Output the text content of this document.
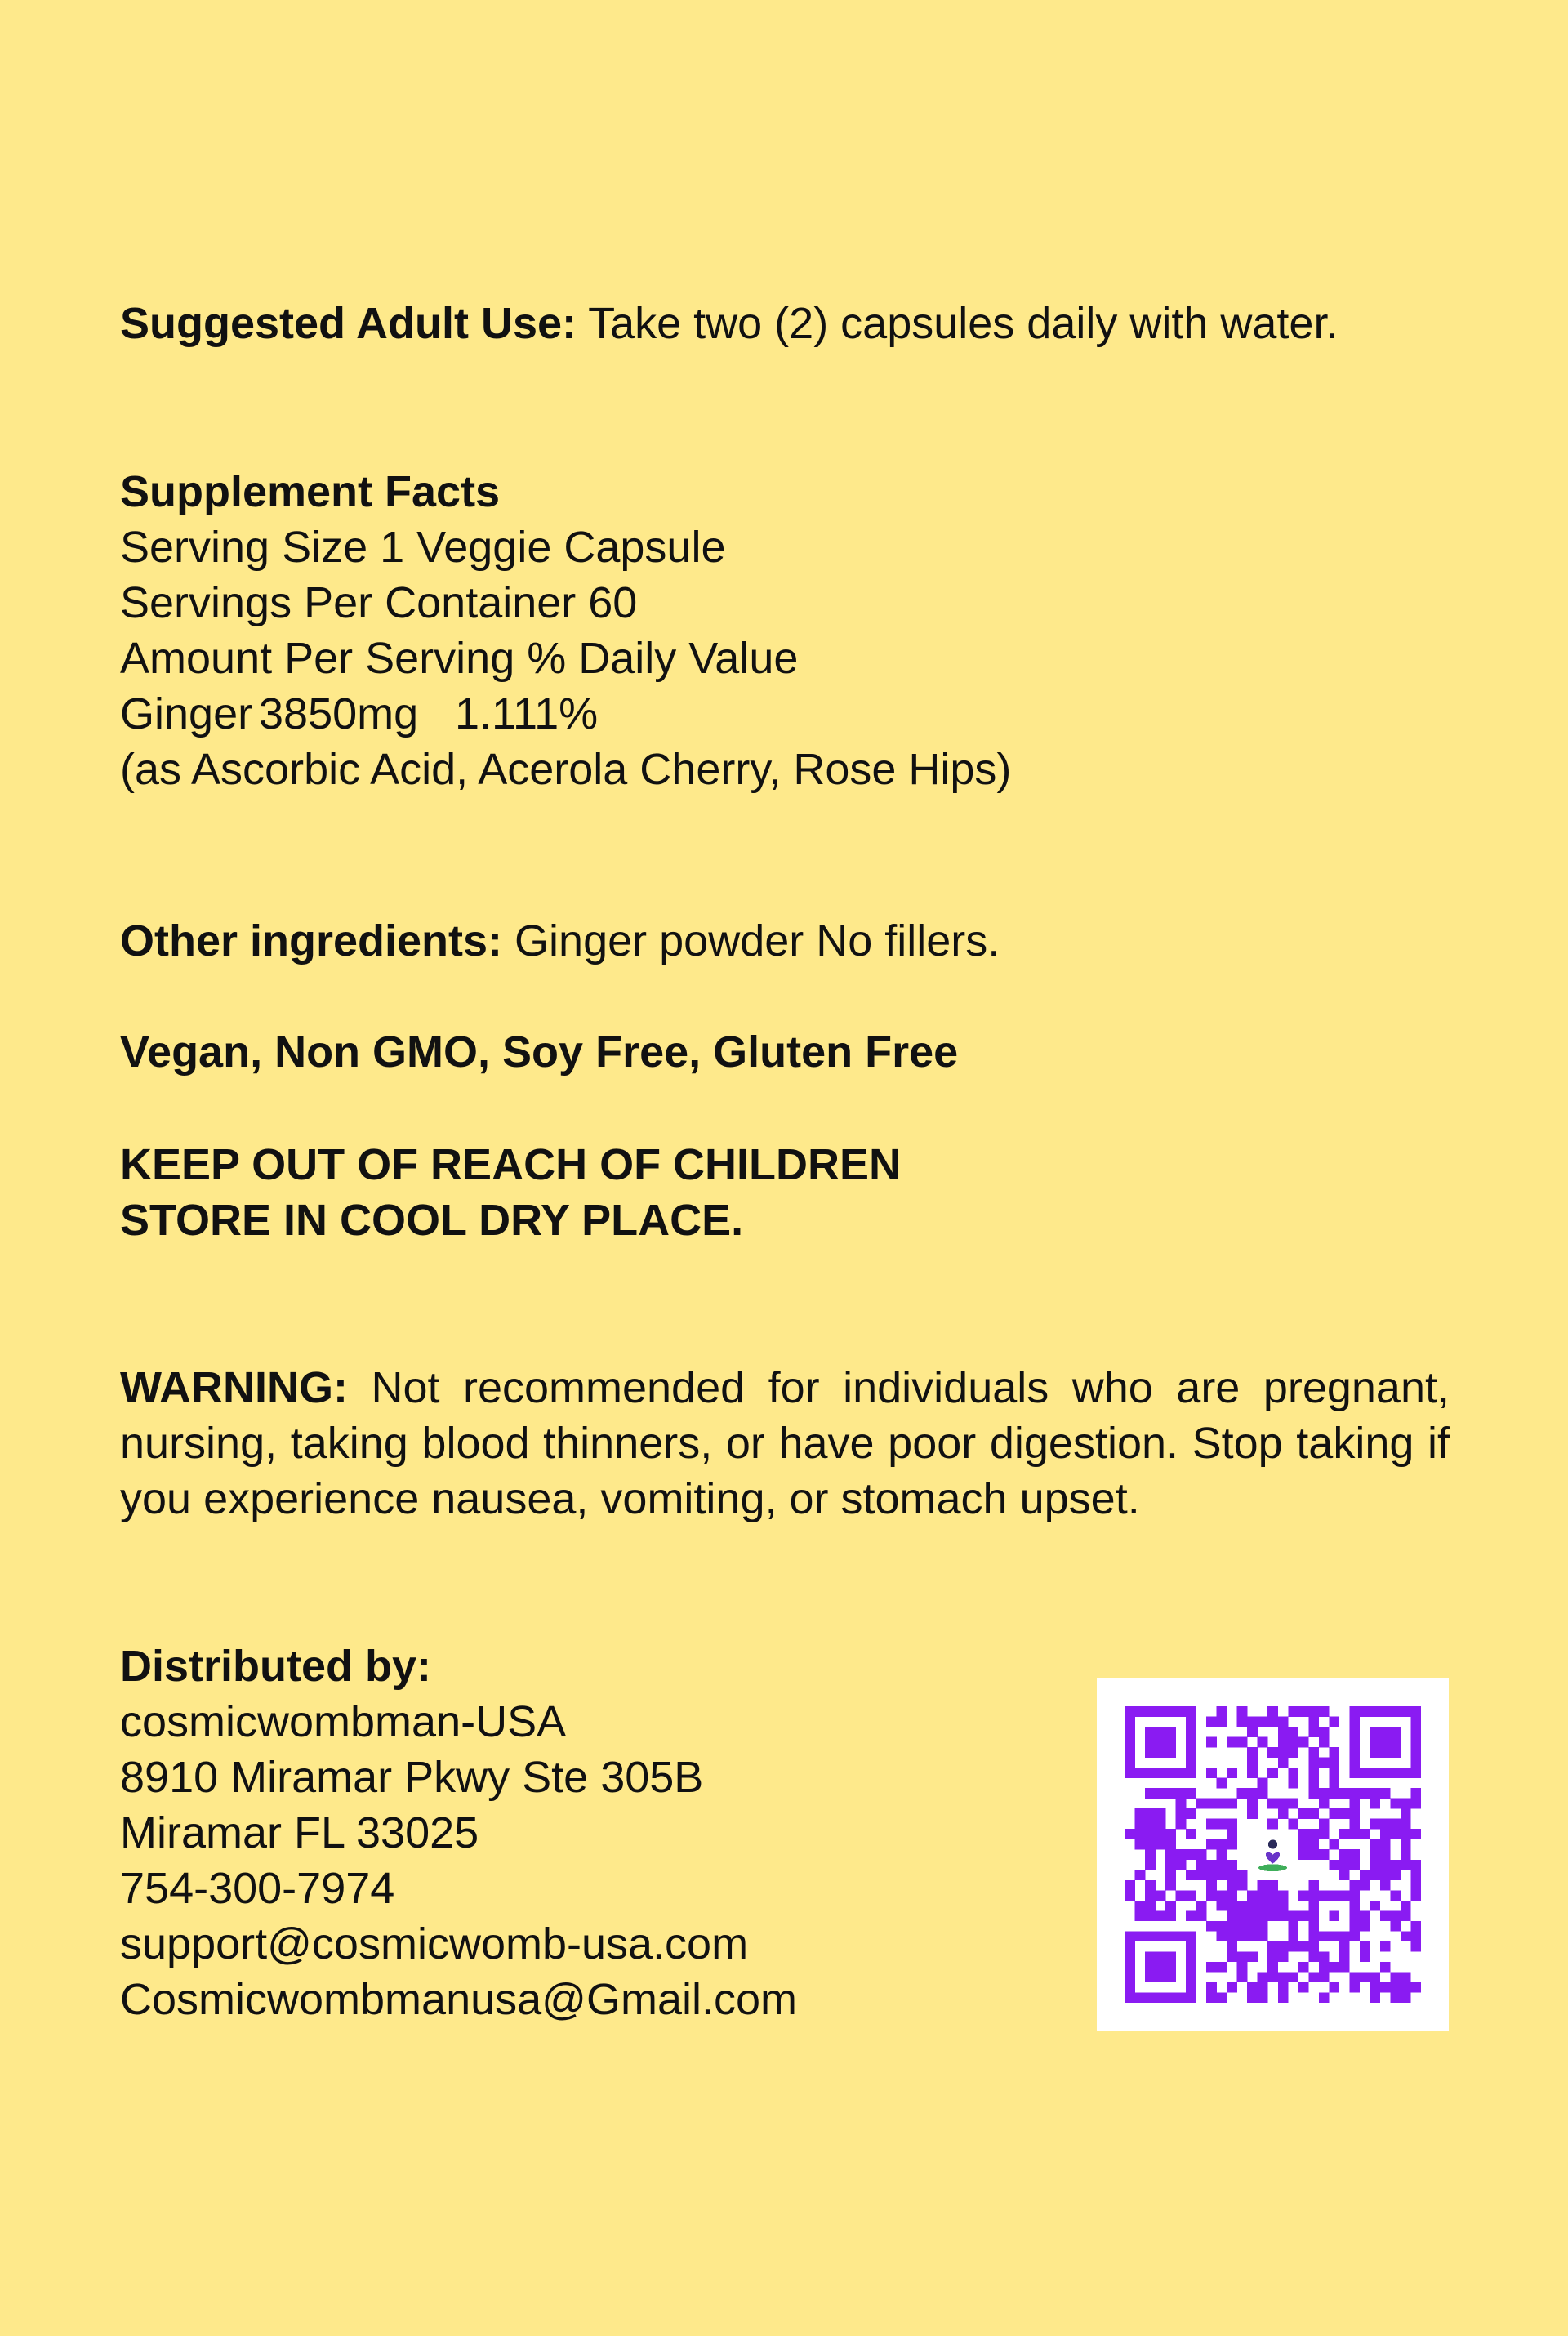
Suggested Adult Use: Take two (2) capsules daily with water.
Supplement Facts
Serving Size 1 Veggie Capsule
Servings Per Container 60
Amount Per Serving % Daily Value
Ginger 3850mg 1.111%
(as Ascorbic Acid, Acerola Cherry, Rose Hips)
Other ingredients: Ginger powder No fillers.
Vegan, Non GMO, Soy Free, Gluten Free
KEEP OUT OF REACH OF CHILDREN
STORE IN COOL DRY PLACE.
WARNING: Not recommended for individuals who are pregnant, nursing, taking blood thinners, or have poor digestion. Stop taking if you experience nausea, vomiting, or stomach upset.
Distributed by:
cosmicwombman-USA
8910 Miramar Pkwy Ste 305B
Miramar FL 33025
754-300-7974
support@cosmicwomb-usa.com
Cosmicwombmanusa@Gmail.com
